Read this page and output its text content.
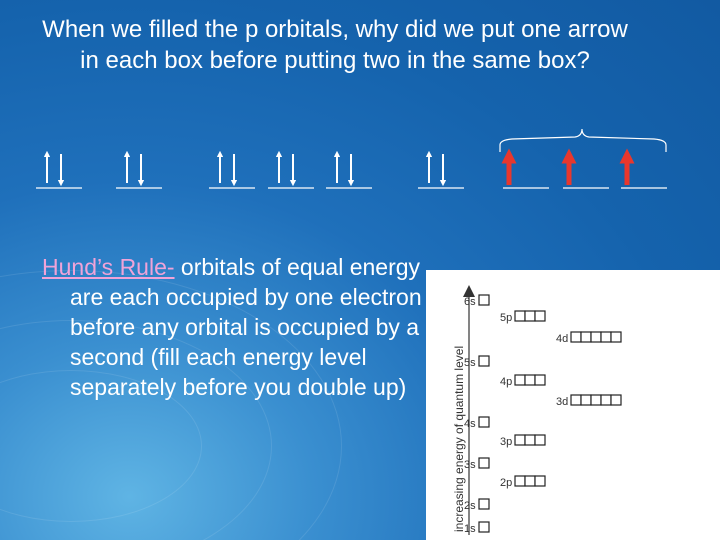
When we filled the p orbitals, why did we put one arrow in each box before putting two in the same box?

Hund’s Rule- orbitals of equal energy are each occupied by one electron before any orbital is occupied by a second (fill each energy level separately before you double up)	increasing energy of quantum level
6s
5p
4d
5s
4p
3d
4s
3p
3s
2p
2s
1s
